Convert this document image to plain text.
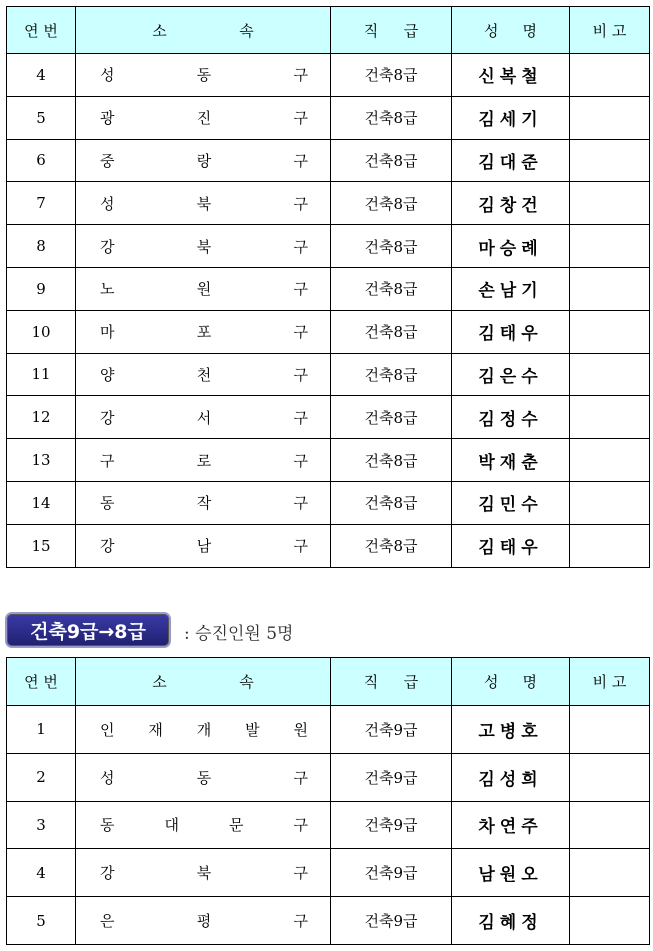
연 번	소 속	직 급	성 명	비 고
4	성 동 구	건축8급	신복철	
5	광 진 구	건축8급	김세기	
6	중 랑 구	건축8급	김대준	
7	성 북 구	건축8급	김창건	
8	강 북 구	건축8급	마승례	
9	노 원 구	건축8급	손남기	
10	마 포 구	건축8급	김태우	
11	양 천 구	건축8급	김은수	
12	강 서 구	건축8급	김정수	
13	구 로 구	건축8급	박재춘	
14	동 작 구	건축8급	김민수	
15	강 남 구	건축8급	김태우	
건축9급→8급	: 승진인원 5명
연 번	소 속	직 급	성 명	비 고
1	인 재 개 발 원	건축9급	고병호	
2	성 동 구	건축9급	김성희	
3	동 대 문 구	건축9급	차연주	
4	강 북 구	건축9급	남원오	
5	은 평 구	건축9급	김혜정	
